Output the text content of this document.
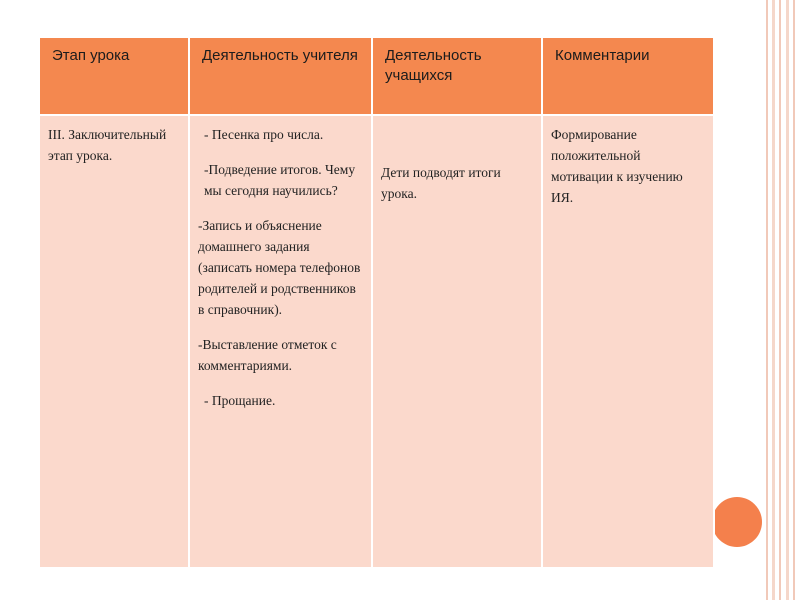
Этап урока	Деятельность учителя	Деятельность учащихся	Комментарии

III. Заключительный этап урока.	- Песенка про числа.

-Подведение итогов. Чему мы сегодня научились?

-Запись и объяснение домашнего задания (записать номера телефонов родителей и родственников в справочник).

-Выставление отметок с комментариями.

- Прощание.	Дети подводят итоги урока.	Формирование положительной мотивации к изучению ИЯ.
